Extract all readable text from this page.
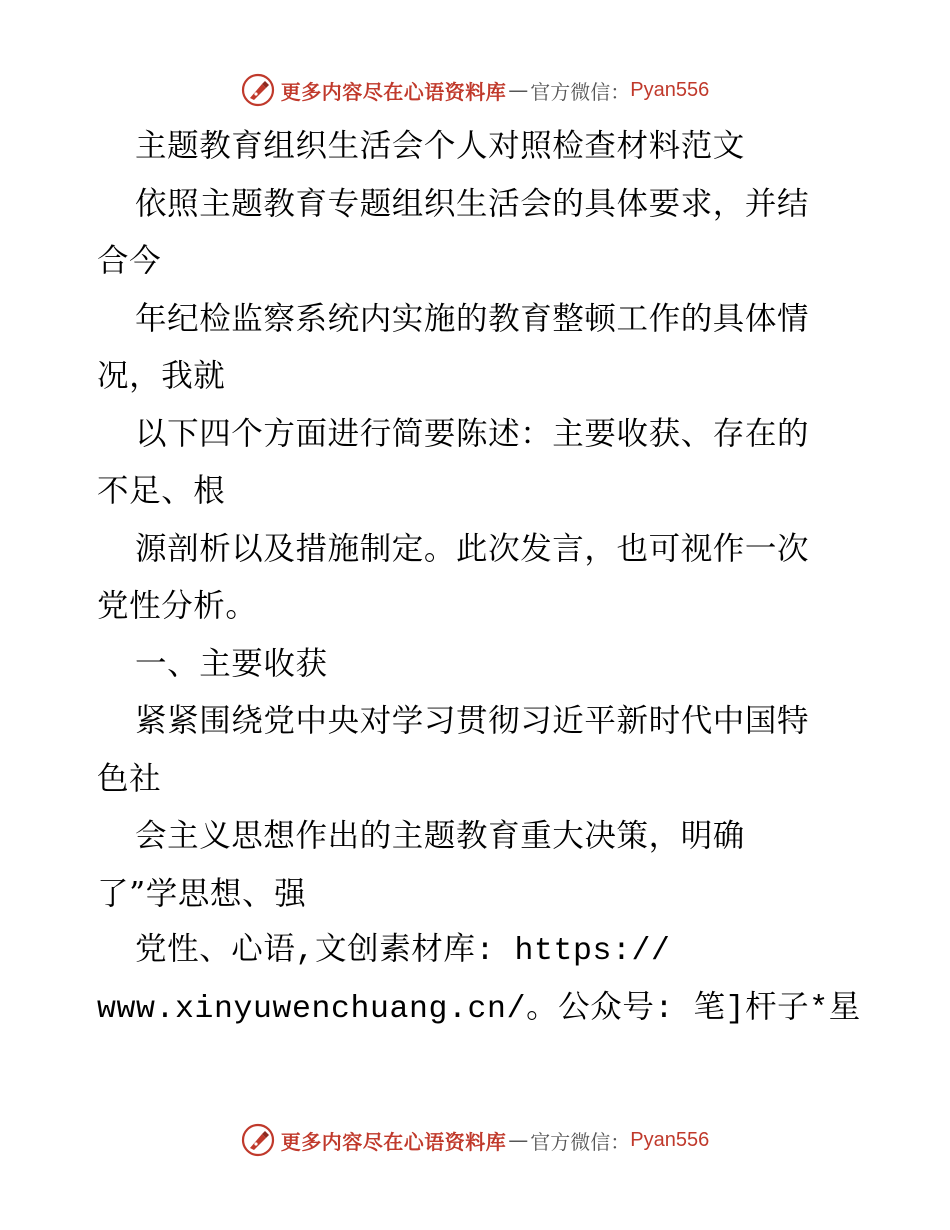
更多内容尽在心语资料库 — 官方微信： Pyan556
主题教育组织生活会个人对照检查材料范文
依照主题教育专题组织生活会的具体要求，并结
合今
年纪检监察系统内实施的教育整顿工作的具体情
况，我就
以下四个方面进行简要陈述：主要收获、存在的
不足、根
源剖析以及措施制定。此次发言，也可视作一次
党性分析。
一、主要收获
紧紧围绕党中央对学习贯彻习近平新时代中国特
色社
会主义思想作出的主题教育重大决策，明确
了”学思想、强
党性、心语,文创素材库: https://
www.xinyuwenchuang.cn/。公众号: 笔]杆子*星
更多内容尽在心语资料库 — 官方微信： Pyan556
